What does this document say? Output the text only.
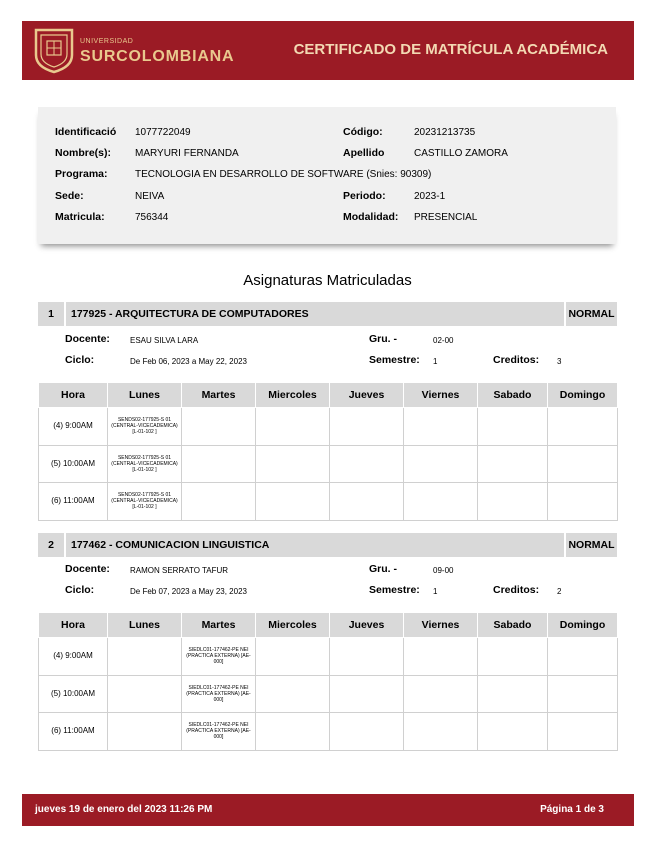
UNIVERSIDAD
SURCOLOMBIANA	CERTIFICADO DE MATRÍCULA ACADÉMICA
Identificació 1077722049	Código:	20231213735
Nombre(s): MARYURI FERNANDA	Apellido	CASTILLO ZAMORA
Programa:	TECNOLOGIA EN DESARROLLO DE SOFTWARE (Snies: 90309)
Sede:	NEIVA	Periodo:	2023-1
Matricula:	756344	Modalidad: PRESENCIAL
Asignaturas Matriculadas
1	177925 - ARQUITECTURA DE COMPUTADORES	NORMAL
Docente:	ESAU SILVA LARA	Gru. -	02-00
Ciclo:	De Feb 06, 2023 a May 22, 2023	Semestre: 1	Creditos: 3
Hora	Lunes	Martes	Miercoles	Jueves	Viernes	Sabado	Domingo
(4) 9:00AM	SENDS02-177925-S 01 (CENTRAL-VICECADEMICA) [L-01-102 ]						
(5) 10:00AM	SENDS02-177925-S 01 (CENTRAL-VICECADEMICA) [L-01-102 ]						
(6) 11:00AM	SENDS02-177925-S 01 (CENTRAL-VICECADEMICA) [L-01-102 ]						
2	177462 - COMUNICACION LINGUISTICA	NORMAL
Docente:	RAMON SERRATO TAFUR	Gru. -	09-00
Ciclo:	De Feb 07, 2023 a May 23, 2023	Semestre: 1	Creditos: 2
Hora	Lunes	Martes	Miercoles	Jueves	Viernes	Sabado	Domingo
(4) 9:00AM		SIEDLC01-177462-PE NEI (PRACTICA EXTERNA) [AE-000]					
(5) 10:00AM		SIEDLC01-177462-PE NEI (PRACTICA EXTERNA) [AE-000]					
(6) 11:00AM		SIEDLC01-177462-PE NEI (PRACTICA EXTERNA) [AE-000]					
jueves 19 de enero del 2023 11:26 PM	Página 1 de 3
